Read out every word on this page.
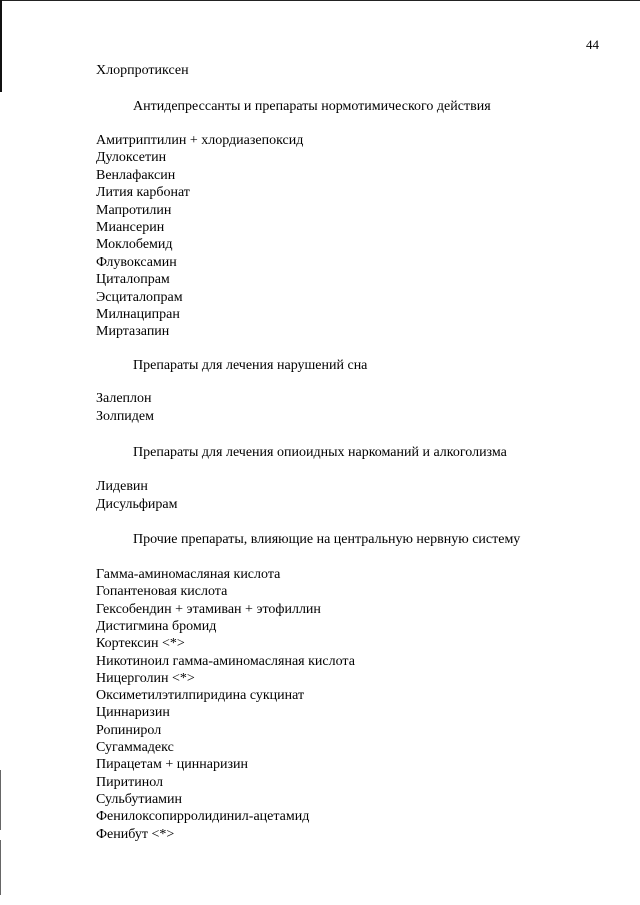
44
Хлорпротиксен
Антидепрессанты и препараты нормотимического действия
Амитриптилин + хлордиазепоксид
Дулоксетин
Венлафаксин
Лития карбонат
Мапротилин
Миансерин
Моклобемид
Флувоксамин
Циталопрам
Эсциталопрам
Милнаципран
Миртазапин
Препараты для лечения нарушений сна
Залеплон
Золпидем
Препараты для лечения опиоидных наркоманий и алкоголизма
Лидевин
Дисульфирам
Прочие препараты, влияющие на центральную нервную систему
Гамма-аминомасляная кислота
Гопантеновая кислота
Гексобендин + этамиван + этофиллин
Дистигмина бромид
Кортексин <*>
Никотиноил гамма-аминомасляная кислота
Ницерголин <*>
Оксиметилэтилпиридина сукцинат
Циннаризин
Ропинирол
Сугаммадекс
Пирацетам + циннаризин
Пиритинол
Сульбутиамин
Фенилоксопирролидинил-ацетамид
Фенибут <*>
